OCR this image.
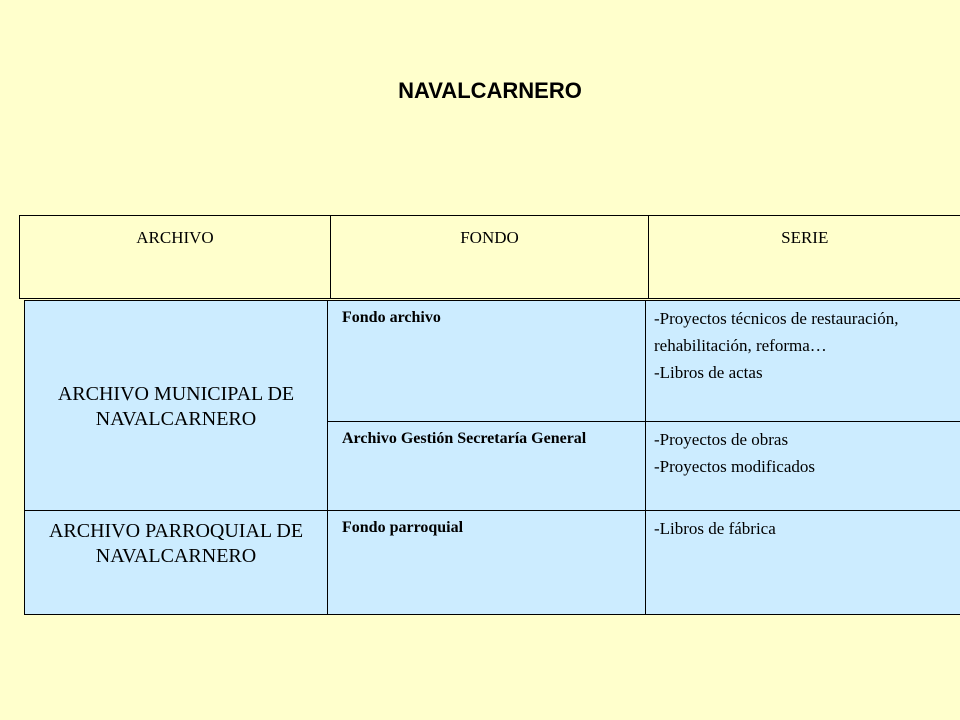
NAVALCARNERO
ARCHIVO	FONDO	SERIE
ARCHIVO MUNICIPAL DE NAVALCARNERO	Fondo archivo	-Proyectos técnicos de restauración, rehabilitación, reforma…
-Libros de actas

	Archivo Gestión Secretaría General	-Proyectos de obras
-Proyectos modificados

ARCHIVO PARROQUIAL DE NAVALCARNERO	Fondo parroquial	-Libros de fábrica
